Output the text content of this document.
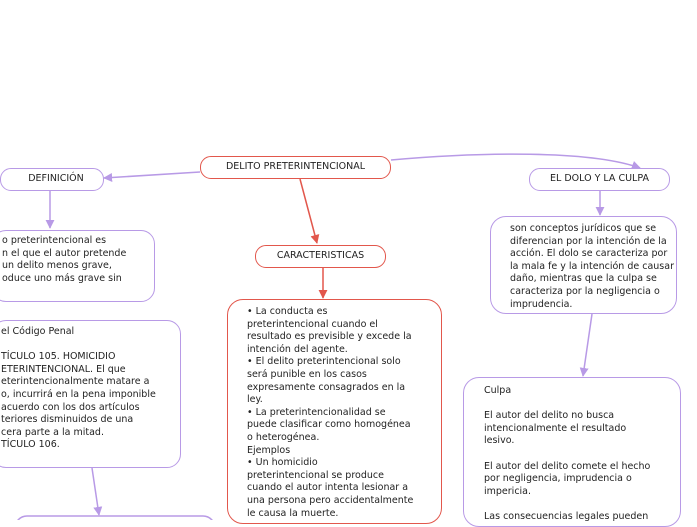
DELITO PRETERINTENCIONAL
DEFINICIÓN
o preterintencional es
n el que el autor pretende
un delito menos grave,
oduce uno más grave sin
el Código Penal

TÍCULO 105. HOMICIDIO
ETERINTENCIONAL. El que
eterintencionalmente matare a
o, incurrirá en la pena imponible
acuerdo con los dos artículos
teriores disminuidos de una
cera parte a la mitad.
TÍCULO 106.
CARACTERISTICAS
• La conducta es
preterintencional cuando el
resultado es previsible y excede la
intención del agente.
• El delito preterintencional solo
será punible en los casos
expresamente consagrados en la
ley.
• La preterintencionalidad se
puede clasificar como homogénea
o heterogénea.
Ejemplos
• Un homicidio
preterintencional se produce
cuando el autor intenta lesionar a
una persona pero accidentalmente
le causa la muerte.
EL DOLO Y LA CULPA
son conceptos jurídicos que se
diferencian por la intención de la
acción. El dolo se caracteriza por
la mala fe y la intención de causar
daño, mientras que la culpa se
caracteriza por la negligencia o
imprudencia.
Culpa

El autor del delito no busca
intencionalmente el resultado
lesivo.

El autor del delito comete el hecho
por negligencia, imprudencia o
impericia.

Las consecuencias legales pueden
